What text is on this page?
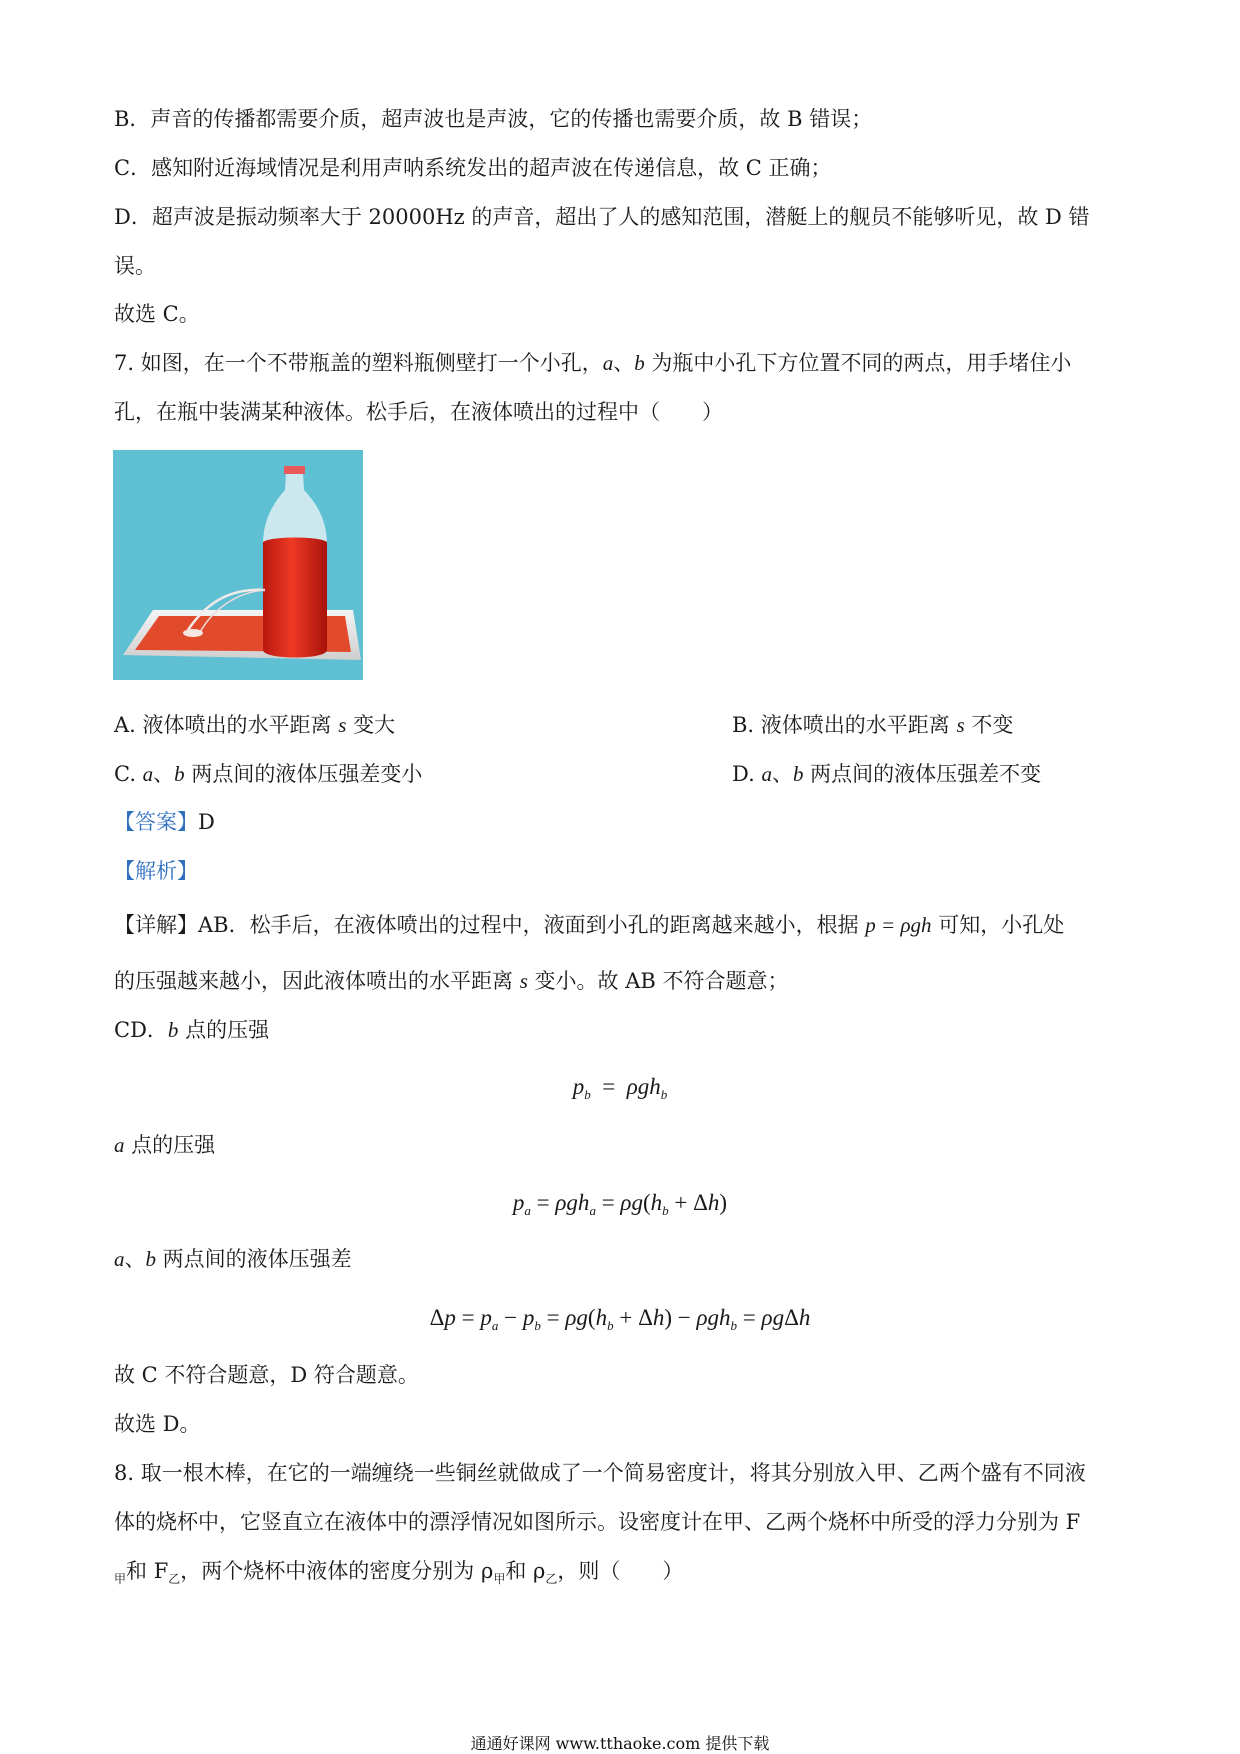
B．声音的传播都需要介质，超声波也是声波，它的传播也需要介质，故 B 错误；
C．感知附近海域情况是利用声呐系统发出的超声波在传递信息，故 C 正确；
D．超声波是振动频率大于 20000Hz 的声音，超出了人的感知范围，潜艇上的舰员不能够听见，故 D 错
误。
故选 C。
7. 如图，在一个不带瓶盖的塑料瓶侧壁打一个小孔，a、b 为瓶中小孔下方位置不同的两点，用手堵住小
孔，在瓶中装满某种液体。松手后，在液体喷出的过程中（　　）
A. 液体喷出的水平距离 s 变大	B. 液体喷出的水平距离 s 不变
C. a、b 两点间的液体压强差变小	D. a、b 两点间的液体压强差不变
【答案】D
【解析】
【详解】AB．松手后，在液体喷出的过程中，液面到小孔的距离越来越小，根据 p = ρgh 可知，小孔处
的压强越来越小，因此液体喷出的水平距离 s 变小。故 AB 不符合题意；
CD．b 点的压强
$p_b = \rho gh_b$
a 点的压强
$p_a = \rho gh_a = \rho g(h_b + \Delta h)$
a、b 两点间的液体压强差
$\Delta p = p_a - p_b = \rho g(h_b + \Delta h) - \rho gh_b = \rho g\Delta h$
故 C 不符合题意，D 符合题意。
故选 D。
8. 取一根木棒，在它的一端缠绕一些铜丝就做成了一个简易密度计，将其分别放入甲、乙两个盛有不同液
体的烧杯中，它竖直立在液体中的漂浮情况如图所示。设密度计在甲、乙两个烧杯中所受的浮力分别为 F
$_甲$和 $F_乙$，两个烧杯中液体的密度分别为 $\rho_甲$和 $\rho_乙$，则（　　）
通通好课网 www.tthaoke.com 提供下载
